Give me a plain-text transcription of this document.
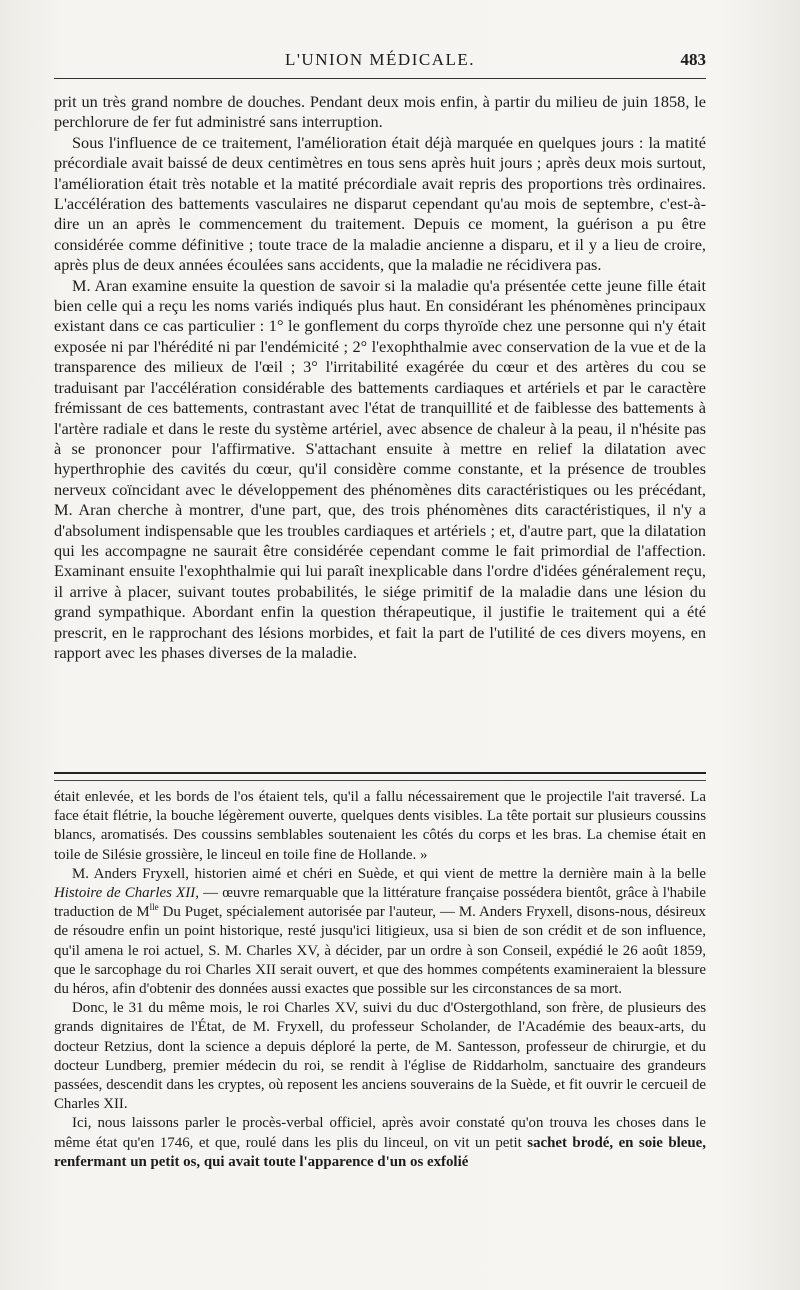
L'UNION MÉDICALE.	483

prit un très grand nombre de douches. Pendant deux mois enfin, à partir du milieu de juin 1858, le perchlorure de fer fut administré sans interruption.

Sous l'influence de ce traitement, l'amélioration était déjà marquée en quelques jours : la matité précordiale avait baissé de deux centimètres en tous sens après huit jours ; après deux mois surtout, l'amélioration était très notable et la matité précordiale avait repris des proportions très ordinaires. L'accélération des battements vasculaires ne disparut cependant qu'au mois de septembre, c'est-à-dire un an après le commencement du traitement. Depuis ce moment, la guérison a pu être considérée comme définitive ; toute trace de la maladie ancienne a disparu, et il y a lieu de croire, après plus de deux années écoulées sans accidents, que la maladie ne récidivera pas.

M. Aran examine ensuite la question de savoir si la maladie qu'a présentée cette jeune fille était bien celle qui a reçu les noms variés indiqués plus haut. En considérant les phénomènes principaux existant dans ce cas particulier : 1° le gonflement du corps thyroïde chez une personne qui n'y était exposée ni par l'hérédité ni par l'endémicité ; 2° l'exophthalmie avec conservation de la vue et de la transparence des milieux de l'œil ; 3° l'irritabilité exagérée du cœur et des artères du cou se traduisant par l'accélération considérable des battements cardiaques et artériels et par le caractère frémissant de ces battements, contrastant avec l'état de tranquillité et de faiblesse des battements à l'artère radiale et dans le reste du système artériel, avec absence de chaleur à la peau, il n'hésite pas à se prononcer pour l'affirmative. S'attachant ensuite à mettre en relief la dilatation avec hyperthrophie des cavités du cœur, qu'il considère comme constante, et la présence de troubles nerveux coïncidant avec le développement des phénomènes dits caractéristiques ou les précédant, M. Aran cherche à montrer, d'une part, que, des trois phénomènes dits caractéristiques, il n'y a d'absolument indispensable que les troubles cardiaques et artériels ; et, d'autre part, que la dilatation qui les accompagne ne saurait être considérée cependant comme le fait primordial de l'affection. Examinant ensuite l'exophthalmie qui lui paraît inexplicable dans l'ordre d'idées généralement reçu, il arrive à placer, suivant toutes probabilités, le siége primitif de la maladie dans une lésion du grand sympathique. Abordant enfin la question thérapeutique, il justifie le traitement qui a été prescrit, en le rapprochant des lésions morbides, et fait la part de l'utilité de ces divers moyens, en rapport avec les phases diverses de la maladie.

était enlevée, et les bords de l'os étaient tels, qu'il a fallu nécessairement que le projectile l'ait traversé. La face était flétrie, la bouche légèrement ouverte, quelques dents visibles. La tête portait sur plusieurs coussins blancs, aromatisés. Des coussins semblables soutenaient les côtés du corps et les bras. La chemise était en toile de Silésie grossière, le linceul en toile fine de Hollande. »

M. Anders Fryxell, historien aimé et chéri en Suède, et qui vient de mettre la dernière main à la belle Histoire de Charles XII, — œuvre remarquable que la littérature française possédera bientôt, grâce à l'habile traduction de $M^{lle}$ Du Puget, spécialement autorisée par l'auteur, — M. Anders Fryxell, disons-nous, désireux de résoudre enfin un point historique, resté jusqu'ici litigieux, usa si bien de son crédit et de son influence, qu'il amena le roi actuel, S. M. Charles XV, à décider, par un ordre à son Conseil, expédié le 26 août 1859, que le sarcophage du roi Charles XII serait ouvert, et que des hommes compétents examineraient la blessure du héros, afin d'obtenir des données aussi exactes que possible sur les circonstances de sa mort.

Donc, le 31 du même mois, le roi Charles XV, suivi du duc d'Ostergothland, son frère, de plusieurs des grands dignitaires de l'État, de M. Fryxell, du professeur Scholander, de l'Académie des beaux-arts, du docteur Retzius, dont la science a depuis déploré la perte, de M. Santesson, professeur de chirurgie, et du docteur Lundberg, premier médecin du roi, se rendit à l'église de Riddarholm, sanctuaire des grandeurs passées, descendit dans les cryptes, où reposent les anciens souverains de la Suède, et fit ouvrir le cercueil de Charles XII.

Ici, nous laissons parler le procès-verbal officiel, après avoir constaté qu'on trouva les choses dans le même état qu'en 1746, et que, roulé dans les plis du linceul, on vit un petit sachet brodé, en soie bleue, renfermant un petit os, qui avait toute l'apparence d'un os exfolié
